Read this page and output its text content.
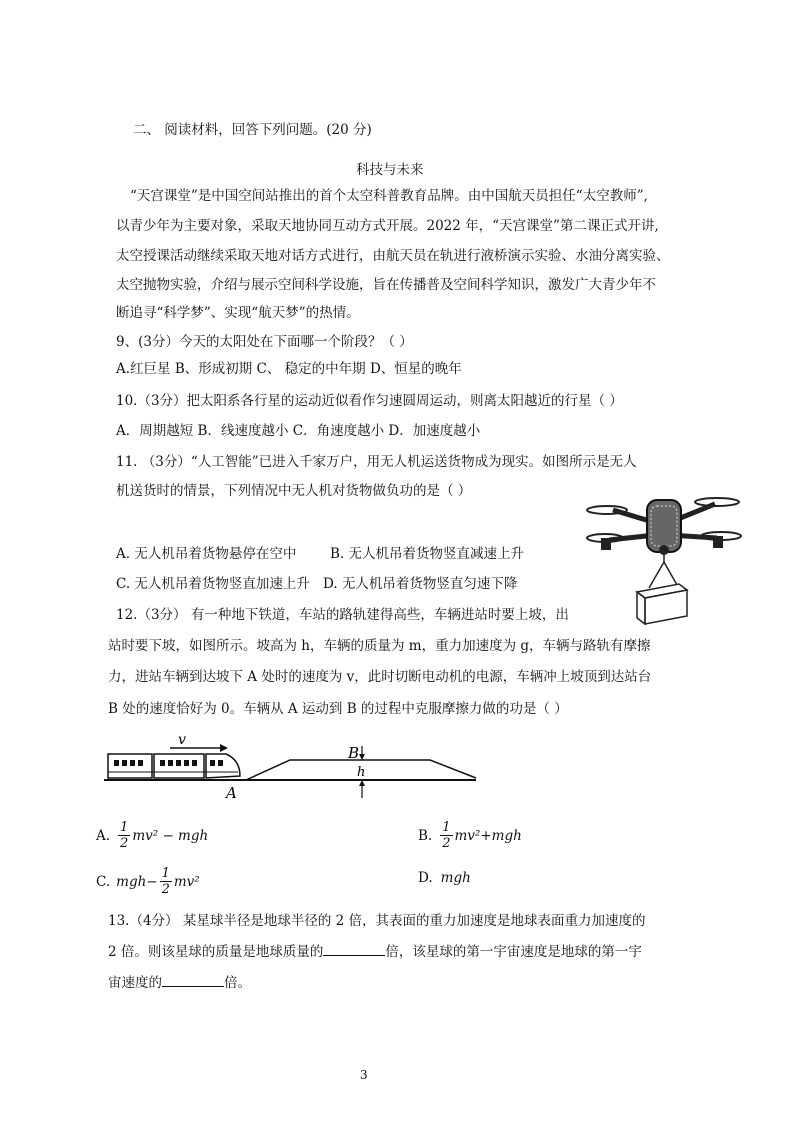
二、 阅读材料，回答下列问题。(20 分)
科技与未来
“天宫课堂”是中国空间站推出的首个太空科普教育品牌。由中国航天员担任“太空教师”,
以青少年为主要对象，采取天地协同互动方式开展。2022 年，“天宫课堂”第二课正式开讲,
太空授课活动继续采取天地对话方式进行，由航天员在轨进行液桥演示实验、水油分离实验、
太空抛物实验，介绍与展示空间科学设施，旨在传播普及空间科学知识，激发广大青少年不
断追寻“科学梦”、实现“航天梦”的热情。
9、(3分）今天的太阳处在下面哪一个阶段？（ ）
A.红巨星 B、形成初期 C、 稳定的中年期 D、恒星的晚年
10.（3分）把太阳系各行星的运动近似看作匀速圆周运动，则离太阳越近的行星（ ）
A．周期越短 B．线速度越小 C．角速度越小 D．加速度越小
11. （3分）“人工智能”已进入千家万户，用无人机运送货物成为现实。如图所示是无人
机送货时的情景，下列情况中无人机对货物做负功的是（ ）
A. 无人机吊着货物悬停在空中 B. 无人机吊着货物竖直减速上升
C. 无人机吊着货物竖直加速上升 D. 无人机吊着货物竖直匀速下降
12.（3分） 有一种地下铁道，车站的路轨建得高些，车辆进站时要上坡，出
站时要下坡，如图所示。坡高为 h，车辆的质量为 m，重力加速度为 g，车辆与路轨有摩擦
力，进站车辆到达坡下 A 处时的速度为 v，此时切断电动机的电源，车辆冲上坡顶到达站台
B 处的速度恰好为 0。车辆从 A 运动到 B 的过程中克服摩擦力做的功是（ ）
v
B
h
A
A. $\frac{1}{2} mv^2$ − mgh	B. $\frac{1}{2} mv^2+mgh$
C. $mgh- \frac{1}{2} mv^2$	D. mgh
13.（4分） 某星球半径是地球半径的 2 倍，其表面的重力加速度是地球表面重力加速度的
2 倍。则该星球的质量是地球质量的	倍，该星球的第一宇宙速度是地球的第一宇
宙速度的	倍。
3
